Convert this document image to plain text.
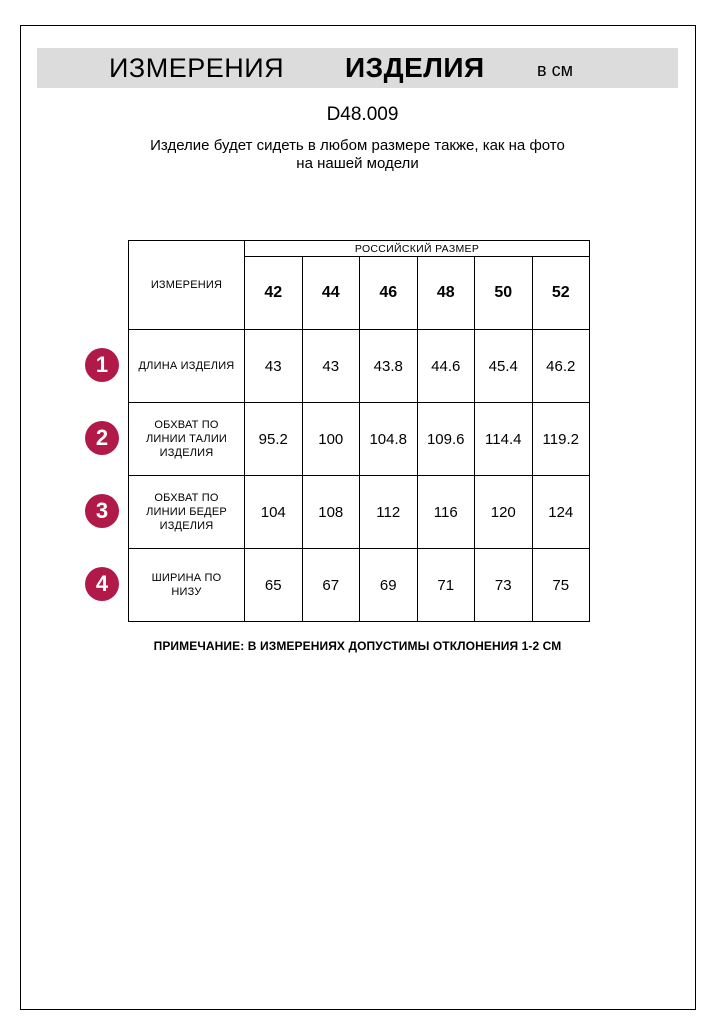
ИЗМЕРЕНИЯ ИЗДЕЛИЯ	в см
D48.009
Изделие будет сидеть в любом размере также, как на фото
на нашей модели
ИЗМЕРЕНИЯ	РОССИЙСКИЙ РАЗМЕР					
	42	44	46	48	50	52

ДЛИНА ИЗДЕЛИЯ	43	43	43.8	44.6	45.4	46.2

ОБХВАТ ПО
ЛИНИИ ТАЛИИ
ИЗДЕЛИЯ	95.2	100	104.8	109.6	114.4	119.2

ОБХВАТ ПО
ЛИНИИ БЕДЕР
ИЗДЕЛИЯ	104	108	112	116	120	124

ШИРИНА ПО
НИЗУ	65	67	69	71	73	75
1
2
3
4
ПРИМЕЧАНИЕ: В ИЗМЕРЕНИЯХ ДОПУСТИМЫ ОТКЛОНЕНИЯ 1-2 СМ
